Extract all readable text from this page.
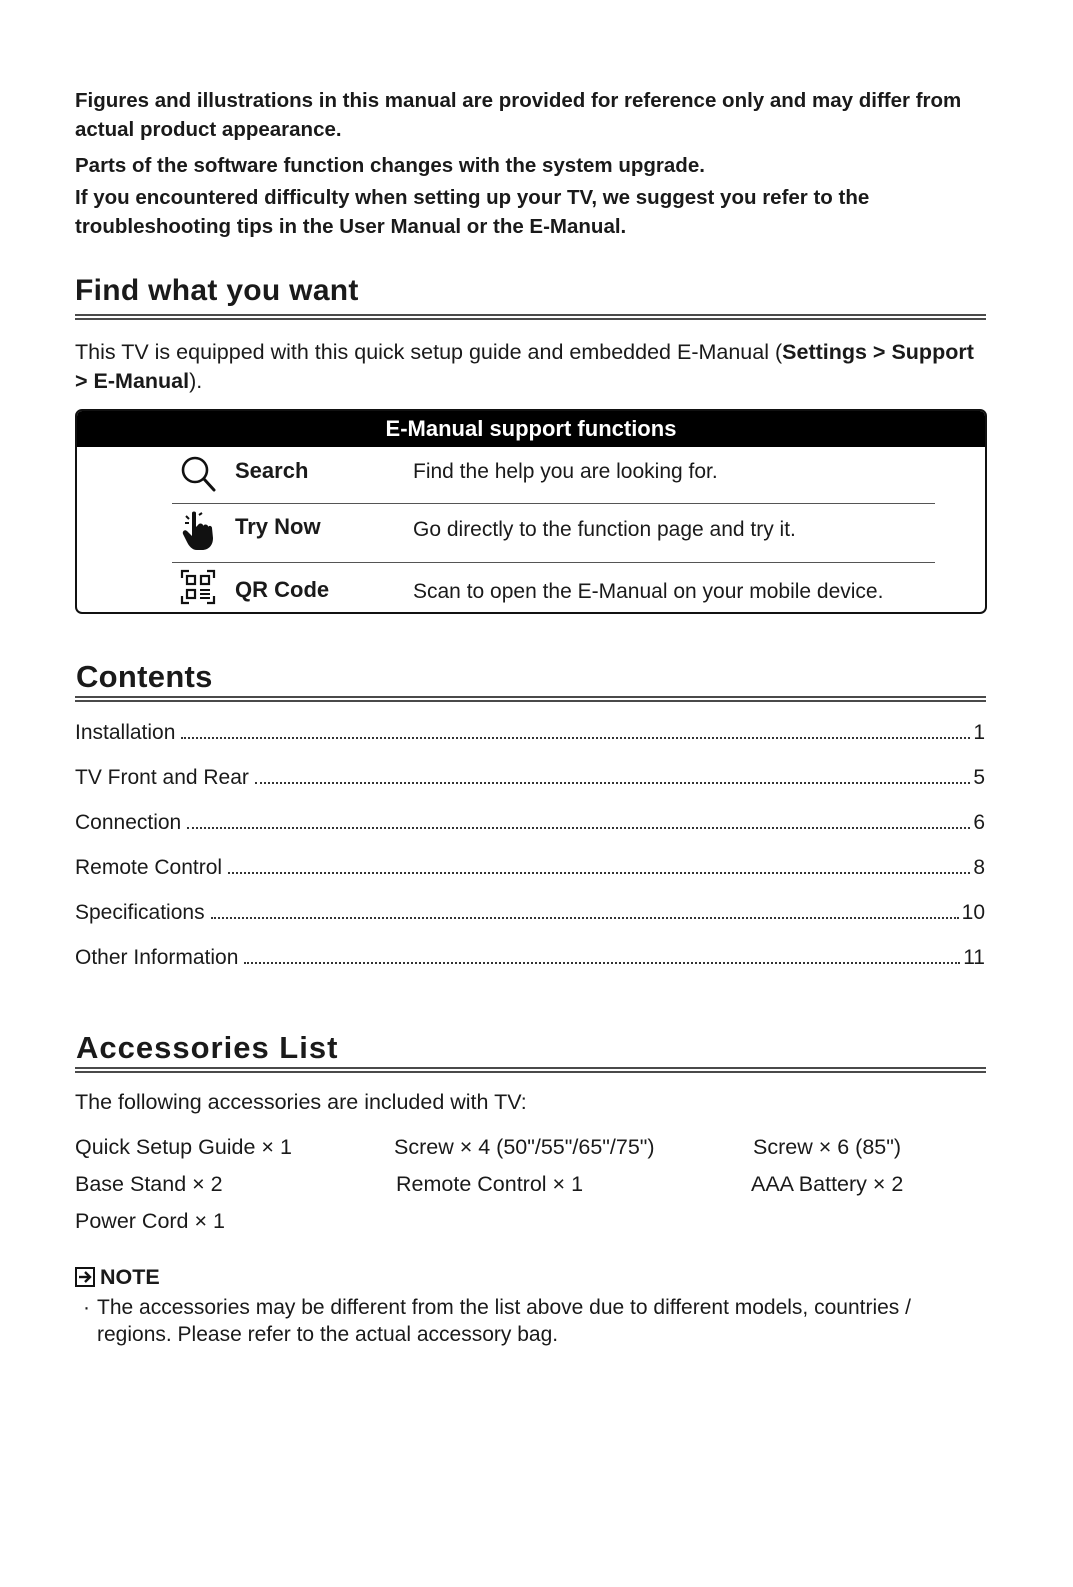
Figures and illustrations in this manual are provided for reference only and may differ from actual product appearance.

Parts of the software function changes with the system upgrade.

If you encountered difficulty when setting up your TV, we suggest you refer to the troubleshooting tips in the User Manual or the E-Manual.

Find what you want
This TV is equipped with this quick setup guide and embedded E-Manual (Settings > Support > E-Manual).
E-Manual support functions
Search	Find the help you are looking for.
Try Now	Go directly to the function page and try it.
QR Code	Scan to open the E-Manual on your mobile device.
Contents
Installation	1
TV Front and Rear	5
Connection	6
Remote Control	8
Specifications	10
Other Information	11
Accessories List
The following accessories are included with TV:
Quick Setup Guide × 1	Screw × 4 (50"/55"/65"/75")	Screw × 6 (85")
Base Stand × 2	Remote Control × 1	AAA Battery × 2
Power Cord × 1
NOTE
· The accessories may be different from the list above due to different models, countries / regions. Please refer to the actual accessory bag.
